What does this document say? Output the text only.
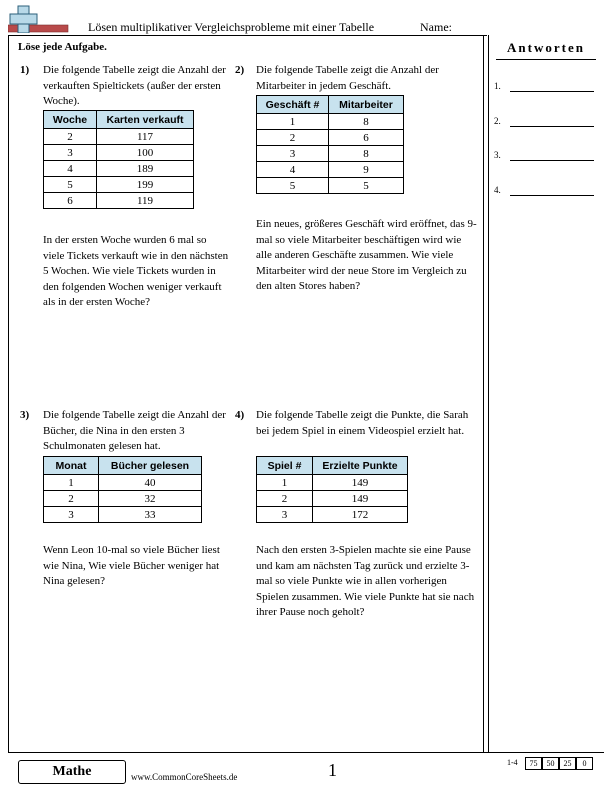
Lösen multiplikativer Vergleichsprobleme mit einer Tabelle	Name:
Löse jede Aufgabe.	Antworten
1.
2.
3.
4.
1) Die folgende Tabelle zeigt die Anzahl der verkauften Spieltickets (außer der ersten Woche).
Woche	Karten verkauft
2	117
3	100
4	189
5	199
6	119
In der ersten Woche wurden 6 mal so viele Tickets verkauft wie in den nächsten 5 Wochen. Wie viele Tickets wurden in den folgenden Wochen weniger verkauft als in der ersten Woche?
2) Die folgende Tabelle zeigt die Anzahl der Mitarbeiter in jedem Geschäft.
Geschäft #	Mitarbeiter
1	8
2	6
3	8
4	9
5	5
Ein neues, größeres Geschäft wird eröffnet, das 9-mal so viele Mitarbeiter beschäftigen wird wie alle anderen Geschäfte zusammen. Wie viele Mitarbeiter wird der neue Store im Vergleich zu den alten Stores haben?
3) Die folgende Tabelle zeigt die Anzahl der Bücher, die Nina in den ersten 3 Schulmonaten gelesen hat.
Monat	Bücher gelesen
1	40
2	32
3	33
Wenn Leon 10-mal so viele Bücher liest wie Nina, Wie viele Bücher weniger hat Nina gelesen?
4) Die folgende Tabelle zeigt die Punkte, die Sarah bei jedem Spiel in einem Videospiel erzielt hat.
Spiel #	Erzielte Punkte
1	149
2	149
3	172
Nach den ersten 3-Spielen machte sie eine Pause und kam am nächsten Tag zurück und erzielte 3-mal so viele Punkte wie in allen vorherigen Spielen zusammen. Wie viele Punkte hat sie nach ihrer Pause noch geholt?
Mathe	www.CommonCoreSheets.de	1	1-4	75	50	25	0
